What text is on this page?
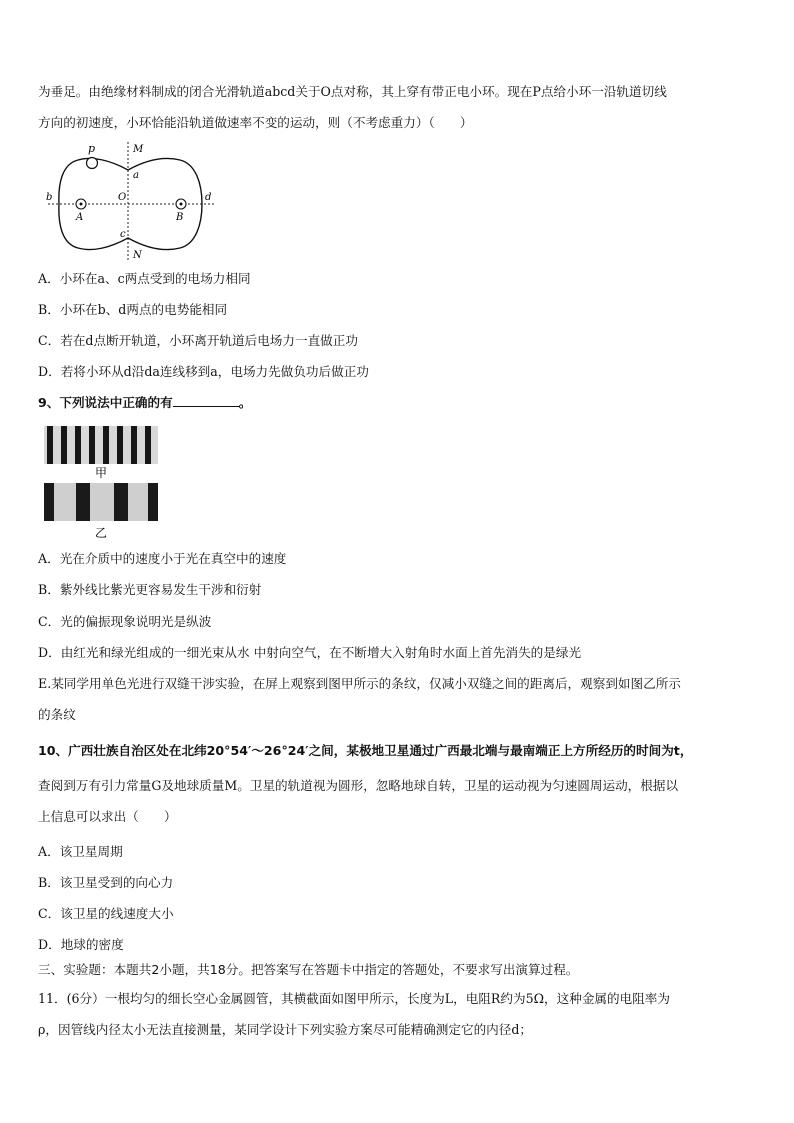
为垂足。由绝缘材料制成的闭合光滑轨道abcd关于O点对称，其上穿有带正电小环。现在P点给小环一沿轨道切线
方向的初速度，小环恰能沿轨道做速率不变的运动，则（不考虑重力）（　　）
p	M
a
b	O	d
A	B
c
N
A．小环在a、c两点受到的电场力相同
B．小环在b、d两点的电势能相同
C．若在d点断开轨道，小环离开轨道后电场力一直做正功
D．若将小环从d沿da连线移到a，电场力先做负功后做正功
9、下列说法中正确的有	。
甲
乙
A．光在介质中的速度小于光在真空中的速度
B．紫外线比紫光更容易发生干涉和衍射
C．光的偏振现象说明光是纵波
D．由红光和绿光组成的一细光束从水 中射向空气，在不断增大入射角时水面上首先消失的是绿光
E.某同学用单色光进行双缝干涉实验，在屏上观察到图甲所示的条纹，仅减小双缝之间的距离后，观察到如图乙所示
的条纹
10、广西壮族自治区处在北纬20°54′～26°24′之间，某极地卫星通过广西最北端与最南端正上方所经历的时间为t，
查阅到万有引力常量G及地球质量M。卫星的轨道视为圆形，忽略地球自转，卫星的运动视为匀速圆周运动，根据以
上信息可以求出（　　）
A．该卫星周期
B．该卫星受到的向心力
C．该卫星的线速度大小
D．地球的密度
三、实验题：本题共2小题，共18分。把答案写在答题卡中指定的答题处，不要求写出演算过程。
11．(6分）一根均匀的细长空心金属圆管，其横截面如图甲所示，长度为L，电阻R约为5Ω，这种金属的电阻率为
ρ，因管线内径太小无法直接测量，某同学设计下列实验方案尽可能精确测定它的内径d；
